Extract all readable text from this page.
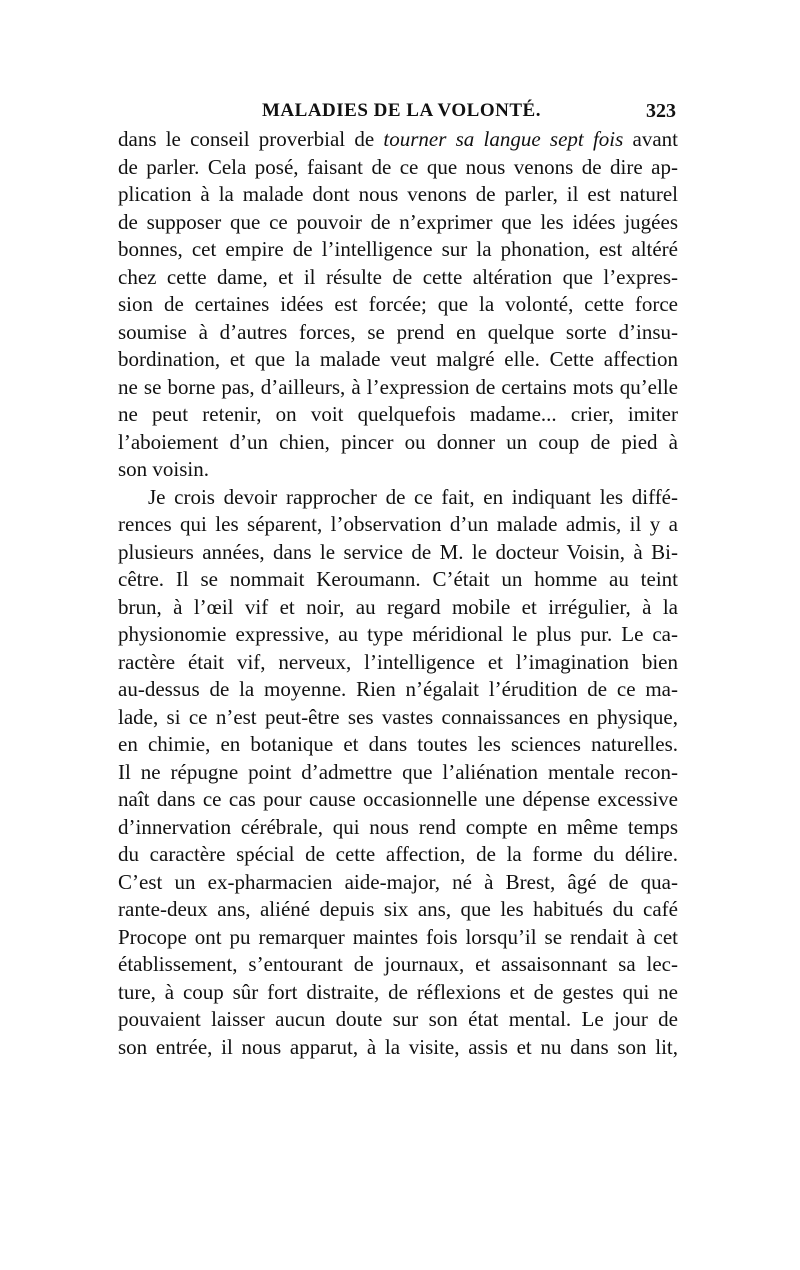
MALADIES DE LA VOLONTÉ.	323
dans le conseil proverbial de tourner sa langue sept fois avant
de parler. Cela posé, faisant de ce que nous venons de dire ap-
plication à la malade dont nous venons de parler, il est naturel
de supposer que ce pouvoir de n’exprimer que les idées jugées
bonnes, cet empire de l’intelligence sur la phonation, est altéré
chez cette dame, et il résulte de cette altération que l’expres-
sion de certaines idées est forcée; que la volonté, cette force
soumise à d’autres forces, se prend en quelque sorte d’insu-
bordination, et que la malade veut malgré elle. Cette affection
ne se borne pas, d’ailleurs, à l’expression de certains mots qu’elle
ne peut retenir, on voit quelquefois madame... crier, imiter
l’aboiement d’un chien, pincer ou donner un coup de pied à
son voisin.
Je crois devoir rapprocher de ce fait, en indiquant les diffé-
rences qui les séparent, l’observation d’un malade admis, il y a
plusieurs années, dans le service de M. le docteur Voisin, à Bi-
cêtre. Il se nommait Keroumann. C’était un homme au teint
brun, à l’œil vif et noir, au regard mobile et irrégulier, à la
physionomie expressive, au type méridional le plus pur. Le ca-
ractère était vif, nerveux, l’intelligence et l’imagination bien
au-dessus de la moyenne. Rien n’égalait l’érudition de ce ma-
lade, si ce n’est peut-être ses vastes connaissances en physique,
en chimie, en botanique et dans toutes les sciences naturelles.
Il ne répugne point d’admettre que l’aliénation mentale recon-
naît dans ce cas pour cause occasionnelle une dépense excessive
d’innervation cérébrale, qui nous rend compte en même temps
du caractère spécial de cette affection, de la forme du délire.
C’est un ex-pharmacien aide-major, né à Brest, âgé de qua-
rante-deux ans, aliéné depuis six ans, que les habitués du café
Procope ont pu remarquer maintes fois lorsqu’il se rendait à cet
établissement, s’entourant de journaux, et assaisonnant sa lec-
ture, à coup sûr fort distraite, de réflexions et de gestes qui ne
pouvaient laisser aucun doute sur son état mental. Le jour de
son entrée, il nous apparut, à la visite, assis et nu dans son lit,
